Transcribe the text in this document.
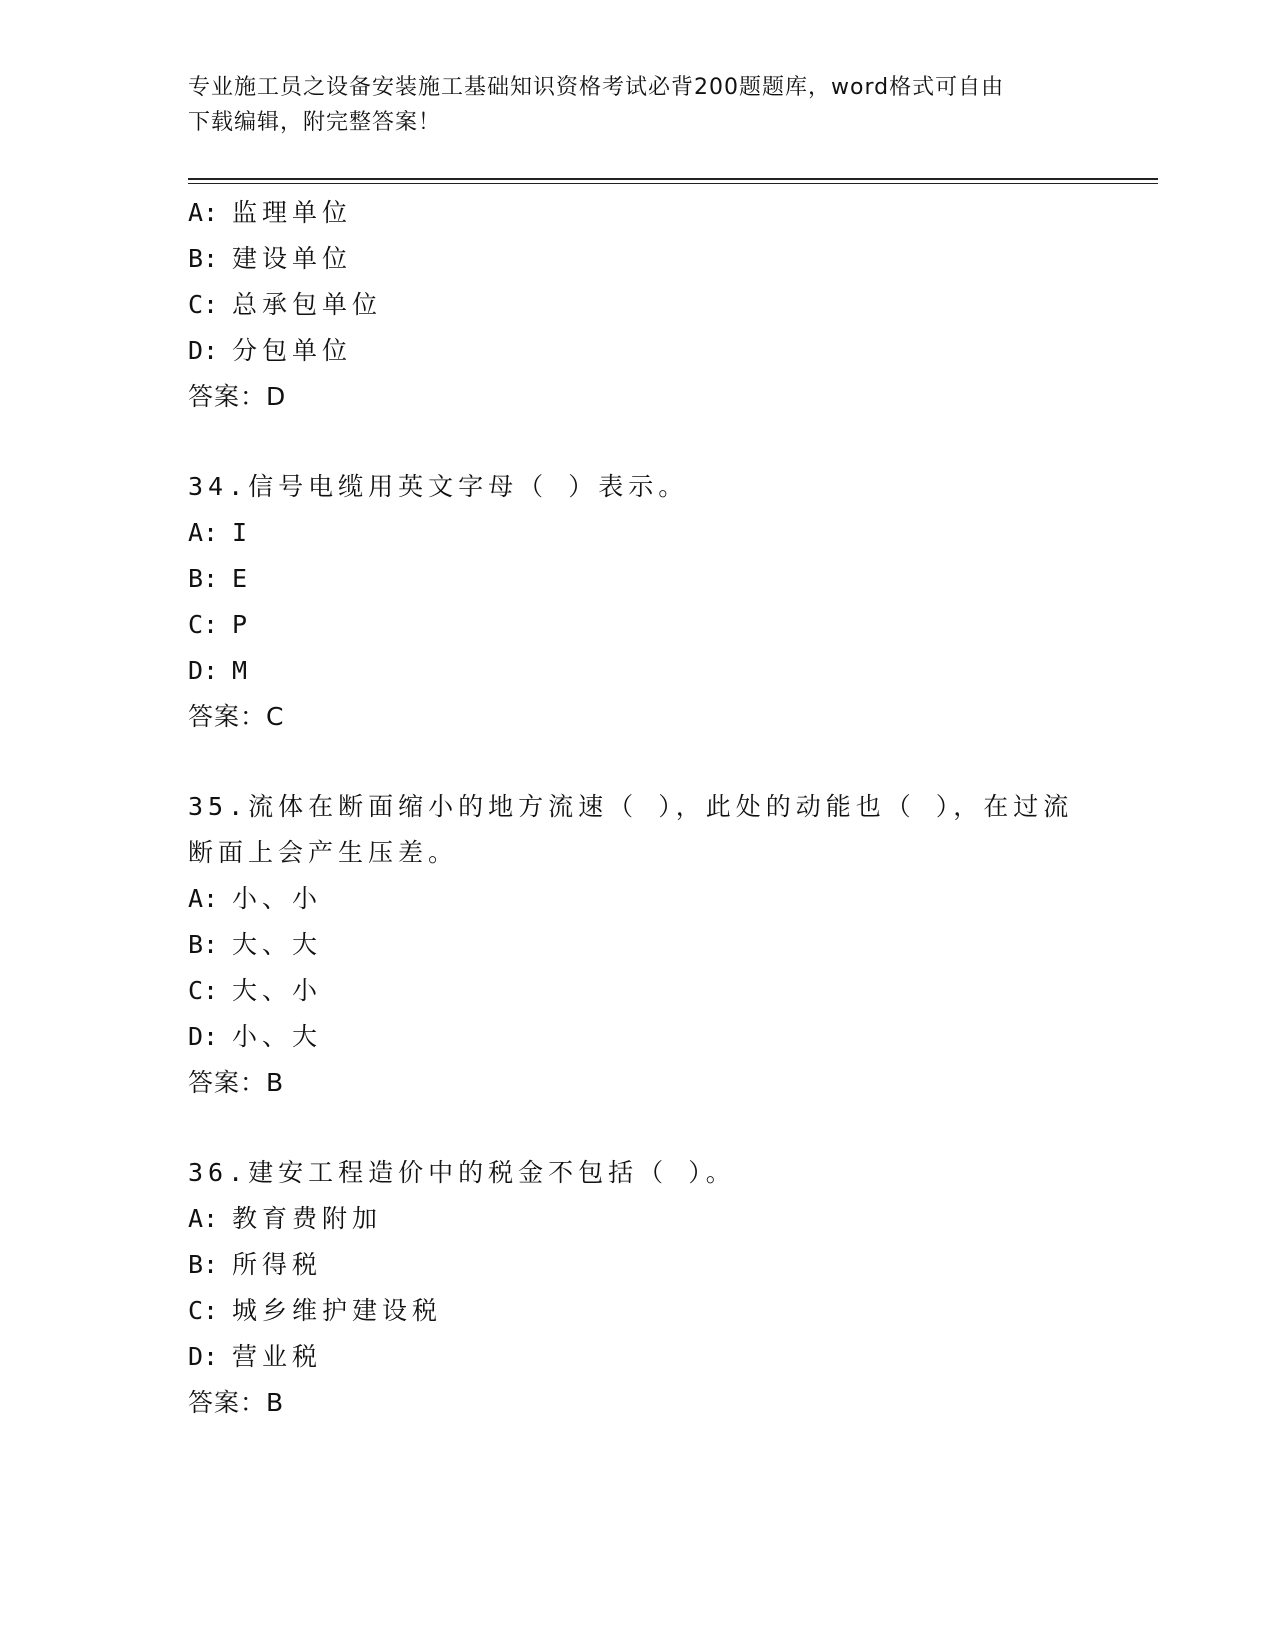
专业施工员之设备安装施工基础知识资格考试必背200题题库，word格式可自由
下载编辑，附完整答案！
A: 监理单位
B: 建设单位
C: 总承包单位
D: 分包单位
答案：D
34.信号电缆用英文字母（ ）表示。
A: I
B: E
C: P
D: M
答案：C
35.流体在断面缩小的地方流速（ ），此处的动能也（ ），在过流断面上会产生压差。
A: 小、小
B: 大、大
C: 大、小
D: 小、大
答案：B
36.建安工程造价中的税金不包括（ ）。
A: 教育费附加
B: 所得税
C: 城乡维护建设税
D: 营业税
答案：B
